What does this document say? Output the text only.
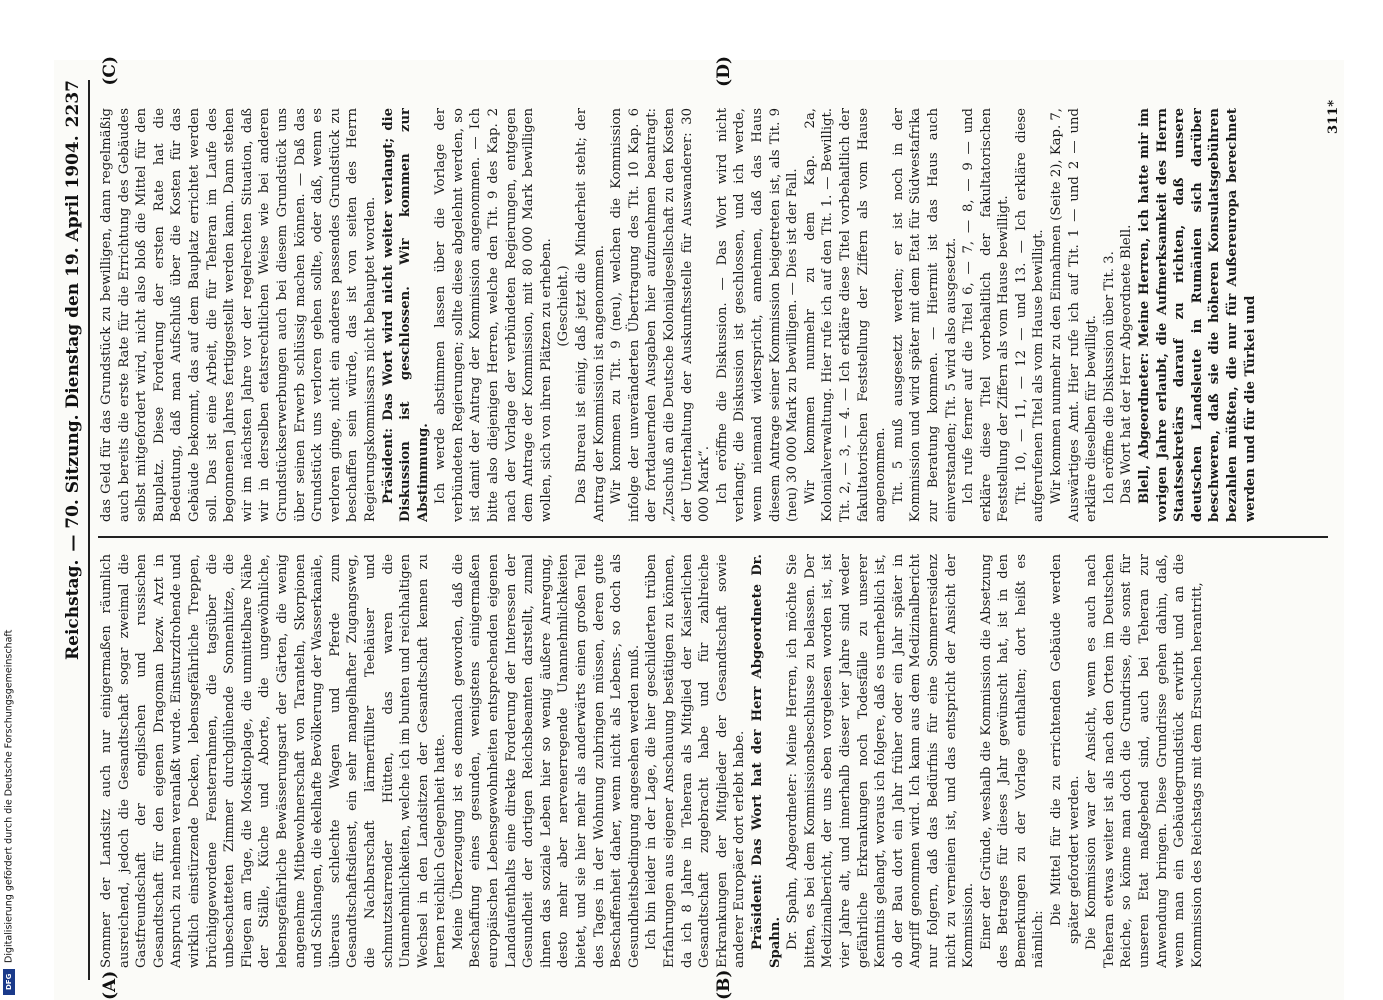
Reichstag.
— 70. Sitzung. Dienstag den 19. April 1904.
2237
(A)	(B)
(C)	(D)

Sommer der Landsitz auch nur einigermaßen räumlich ausreichend, jedoch die Gesandtschaft sogar zweimal die Gastfreundschaft der englischen und russischen Gesandtschaft für den eigenen Dragoman bezw. Arzt in Anspruch zu nehmen veranlaßt wurde. Einsturzdrohende und wirklich einstürzende Decken, lebensgefährliche Treppen, brüchiggewordene Fensterrahmen, die tagsüber die unbeschatteten Zimmer durchglühende Sonnenhitze, die Fliegen am Tage, die Moskitoplage, die unmittelbare Nähe der Ställe, Küche und Aborte, die ungewöhnliche, lebensgefährliche Bewässerungsart der Gärten, die wenig angenehme Mitbewohnerschaft von Taranteln, Skorpionen und Schlangen, die ekelhafte Bevölkerung der Wasserkanäle, überaus schlechte Wagen und Pferde zum Gesandtschaftsdienst, ein sehr mangelhafter Zugangsweg, die Nachbarschaft lärmerfüllter Teehäuser und schmutzstarrender Hütten, das waren die Unannehmlichkeiten, welche ich im bunten und reichhaltigen Wechsel in den Landsitzen der Gesandtschaft kennen zu lernen reichlich Gelegenheit hatte. Meine Überzeugung ist es demnach geworden, daß die Beschaffung eines gesunden, wenigstens einigermaßen europäischen Lebensgewohnheiten entsprechenden eigenen Landaufenthalts eine direkte Forderung der Interessen der Gesundheit der dortigen Reichsbeamten darstellt, zumal ihnen das soziale Leben hier so wenig äußere Anregung, desto mehr aber nervenerregende Unannehmlichkeiten bietet, und sie hier mehr als anderwärts einen großen Teil des Tages in der Wohnung zubringen müssen, deren gute Beschaffenheit daher, wenn nicht als Lebens-, so doch als Gesundheitsbedingung angesehen werden muß. Ich bin leider in der Lage, die hier geschilderten trüben Erfahrungen aus eigener Anschauung bestätigen zu können, da ich 8 Jahre in Teheran als Mitglied der Kaiserlichen Gesandtschaft zugebracht habe und für zahlreiche Erkrankungen der Mitglieder der Gesandtschaft sowie anderer Europäer dort erlebt habe. Präsident: Das Wort hat der Herr Abgeordnete Dr. Spahn. Dr. Spahn, Abgeordneter: Meine Herren, ich möchte Sie bitten, es bei dem Kommissionsbeschlusse zu belassen. Der Medizinalbericht, der uns eben vorgelesen worden ist, ist vier Jahre alt, und innerhalb dieser vier Jahre sind weder gefährliche Erkrankungen noch Todesfälle zu unserer Kenntnis gelangt, woraus ich folgere, daß es unerheblich ist, ob der Bau dort ein Jahr früher oder ein Jahr später in Angriff genommen wird. Ich kann aus dem Medizinalbericht nur folgern, daß das Bedürfnis für eine Sommerresidenz nicht zu verneinen ist, und das entspricht der Ansicht der Kommission. Einer der Gründe, weshalb die Kommission die Absetzung des Betrages für dieses Jahr gewünscht hat, ist in den Bemerkungen zu der Vorlage enthalten; dort heißt es nämlich:

Die Mittel für die zu errichtenden Gebäude werden später gefordert werden. Die Kommission war der Ansicht, wenn es auch nach Teheran etwas weiter ist als nach den Orten im Deutschen Reiche, so könne man doch die Grundrisse, die sonst für unseren Etat maßgebend sind, auch bei Teheran zur Anwendung bringen. Diese Grundrisse gehen dahin, daß, wenn man ein Gebäudegrundstück erwirbt und an die Kommission des Reichstags mit dem Ersuchen herantritt,

das Geld für das Grundstück zu bewilligen, dann regelmäßig auch bereits die erste Rate für die Errichtung des Gebäudes selbst mitgefordert wird, nicht also bloß die Mittel für den Bauplatz. Diese Forderung der ersten Rate hat die Bedeutung, daß man Aufschluß über die Kosten für das Gebäude bekommt, das auf dem Bauplatz errichtet werden soll. Das ist eine Arbeit, die für Teheran im Laufe des begonnenen Jahres fertiggestellt werden kann. Dann stehen wir im nächsten Jahre vor der regelrechten Situation, daß wir in derselben etatsrechtlichen Weise wie bei anderen Grundstückserwerbungen auch bei diesem Grundstück uns über seinen Erwerb schlüssig machen können. — Daß das Grundstück uns verloren gehen sollte, oder daß, wenn es verloren ginge, nicht ein anderes passendes Grundstück zu beschaffen sein würde, das ist von seiten des Herrn Regierungskommissars nicht behauptet worden. Präsident: Das Wort wird nicht weiter verlangt; die Diskussion ist geschlossen. Wir kommen zur Abstimmung. Ich werde abstimmen lassen über die Vorlage der verbündeten Regierungen; sollte diese abgelehnt werden, so ist damit der Antrag der Kommission angenommen. — Ich bitte also diejenigen Herren, welche den Tit. 9 des Kap. 2 nach der Vorlage der verbündeten Regierungen, entgegen dem Antrage der Kommission, mit 80 000 Mark bewilligen wollen, sich von ihren Plätzen zu erheben. (Geschieht.) Das Bureau ist einig, daß jetzt die Minderheit steht; der Antrag der Kommission ist angenommen. Wir kommen zu Tit. 9 (neu), welchen die Kommission infolge der unveränderten Übertragung des Tit. 10 Kap. 6 der fortdauernden Ausgaben hier aufzunehmen beantragt: „Zuschuß an die Deutsche Kolonialgesellschaft zu den Kosten der Unterhaltung der Auskunftsstelle für Auswanderer: 30 000 Mark“. Ich eröffne die Diskussion. — Das Wort wird nicht verlangt; die Diskussion ist geschlossen, und ich werde, wenn niemand widerspricht, annehmen, daß das Haus diesem Antrage seiner Kommission beigetreten ist, als Tit. 9 (neu) 30 000 Mark zu bewilligen. — Dies ist der Fall. Wir kommen nunmehr zu dem Kap. 2a, Kolonialverwaltung. Hier rufe ich auf den Tit. 1. — Bewilligt. Tit. 2, — 3, — 4. — Ich erkläre diese Titel vorbehaltlich der fakultatorischen Feststellung der Ziffern als vom Hause angenommen. Tit. 5 muß ausgesetzt werden; er ist noch in der Kommission und wird später mit dem Etat für Südwestafrika zur Beratung kommen. — Hiermit ist das Haus auch einverstanden; Tit. 5 wird also ausgesetzt. Ich rufe ferner auf die Titel 6, — 7, — 8, — 9 — und erkläre diese Titel vorbehaltlich der fakultatorischen Feststellung der Ziffern als vom Hause bewilligt. Tit. 10, — 11, — 12 — und 13. — Ich erkläre diese aufgerufenen Titel als vom Hause bewilligt. Wir kommen nunmehr zu den Einnahmen (Seite 2), Kap. 7, Auswärtiges Amt. Hier rufe ich auf Tit. 1 — und 2 — und erkläre dieselben für bewilligt. Ich eröffne die Diskussion über Tit. 3. Das Wort hat der Herr Abgeordnete Blell. Blell, Abgeordneter: Meine Herren, ich hatte mir im vorigen Jahre erlaubt, die Aufmerksamkeit des Herrn Staatssekretärs darauf zu richten, daß unsere deutschen Landsleute in Rumänien sich darüber beschweren, daß sie die höheren Konsulatsgebühren bezahlen müßten, die nur für Außereuropa berechnet werden und für die Türkei und

311*
DFG
Digitalisierung gefördert durch die Deutsche Forschungsgemeinschaft
